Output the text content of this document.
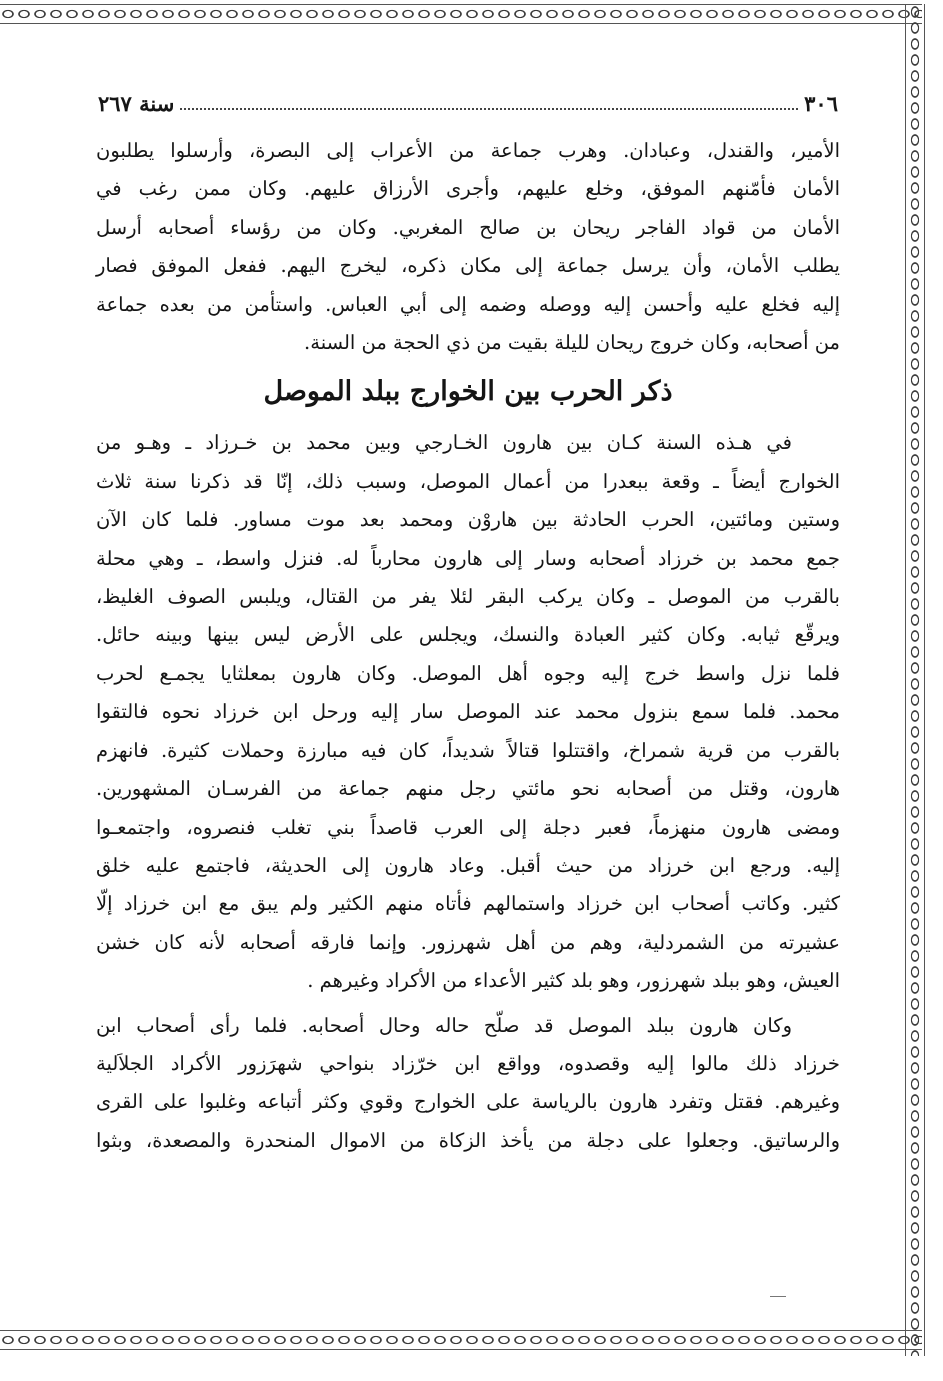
٣٠٦
سنة ٢٦٧

الأمير، والقندل، وعبادان. وهرب جماعة من الأعراب إلى البصرة، وأرسلوا يطلبون

الأمان فأمّنهم الموفق، وخلع عليهم، وأجرى الأرزاق عليهم. وكان ممن رغب في

الأمان من قواد الفاجر ريحان بن صالح المغربي. وكان من رؤساء أصحابه أرسل

يطلب الأمان، وأن يرسل جماعة إلى مكان ذكره، ليخرج اليهم. ففعل الموفق فصار

إليه فخلع عليه وأحسن إليه ووصله وضمه إلى أبي العباس. واستأمن من بعده جماعة

من أصحابه، وكان خروج ريحان لليلة بقيت من ذي الحجة من السنة.

ذكر الحرب بين الخوارج ببلد الموصل

في هـذه السنة كـان بين هارون الخـارجي وبين محمد بن خـرزاد ـ وهـو من

الخوارج أيضاً ـ وقعة ببعدرا من أعمال الموصل، وسبب ذلك، إنّا قد ذكرنا سنة ثلاث

وستين ومائتين، الحرب الحادثة بين هاروْن ومحمد بعد موت مساور. فلما كان الآن

جمع محمد بن خرزاد أصحابه وسار إلى هارون محارباً له. فنزل واسط، ـ وهي محلة

بالقرب من الموصل ـ وكان يركب البقر لئلا يفر من القتال، ويلبس الصوف الغليظ،

ويرقّع ثيابه. وكان كثير العبادة والنسك، ويجلس على الأرض ليس بينها وبينه حائل.

فلما نزل واسط خرج إليه وجوه أهل الموصل. وكان هارون بمعلثايا يجمـع لحرب

محمد. فلما سمع بنزول محمد عند الموصل سار إليه ورحل ابن خرزاد نحوه فالتقوا

بالقرب من قرية شمراخ، واقتتلوا قتالاً شديداً، كان فيه مبارزة وحملات كثيرة. فانهزم

هارون، وقتل من أصحابه نحو مائتي رجل منهم جماعة من الفرسـان المشهورين.

ومضى هارون منهزماً، فعبر دجلة إلى العرب قاصداً بني تغلب فنصروه، واجتمعـوا

إليه. ورجع ابن خرزاد من حيث أقبل. وعاد هارون إلى الحديثة، فاجتمع عليه خلق

كثير. وكاتب أصحاب ابن خرزاد واستمالهم فأتاه منهم الكثير ولم يبق مع ابن خرزاد إلّا

عشيرته من الشمردلية، وهم من أهل شهرزور. وإنما فارقه أصحابه لأنه كان خشن

العيش، وهو ببلد شهرزور، وهو بلد كثير الأعداء من الأكراد وغيرهم .

وكان هارون ببلد الموصل قد صلّح حاله وحال أصحابه. فلما رأى أصحاب ابن

خرزاد ذلك مالوا إليه وقصدوه، وواقع ابن خرّزاد بنواحي شهرَزور الأكراد الجلاَلية

وغيرهم. فقتل وتفرد هارون بالرياسة على الخوارج وقوي وكثر أتباعه وغلبوا على القرى

والرساتيق. وجعلوا على دجلة من يأخذ الزكاة من الاموال المنحدرة والمصعدة، وبثوا
